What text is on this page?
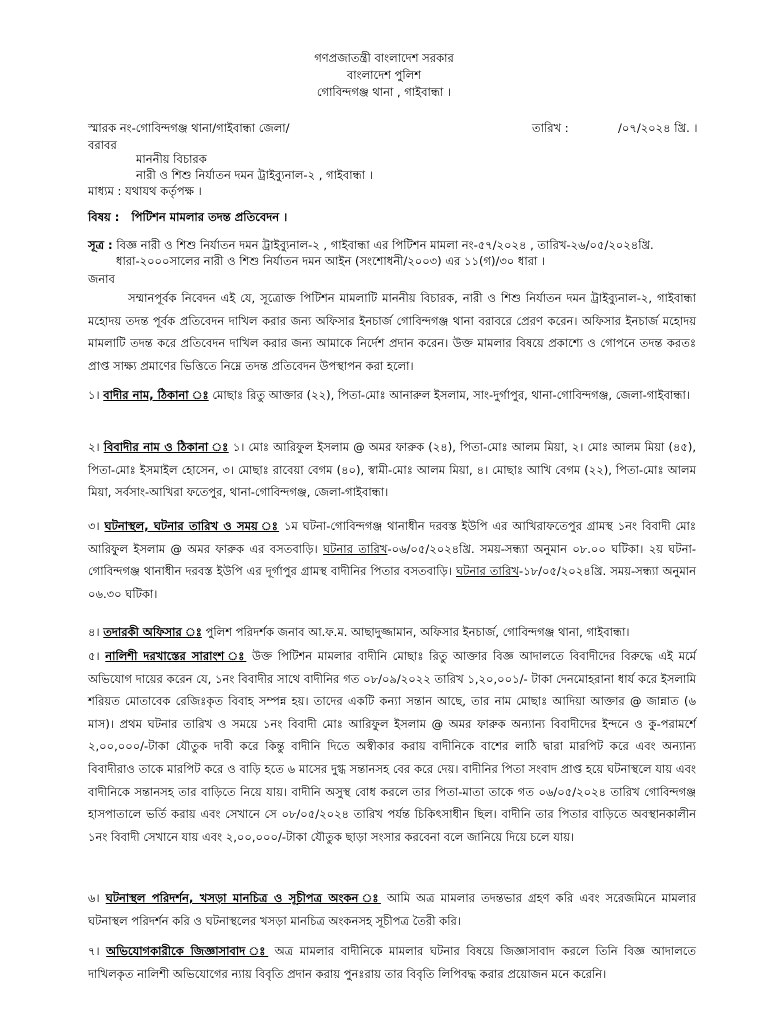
গণপ্রজাতন্ত্রী বাংলাদেশ সরকার
বাংলাদেশ পুলিশ
গোবিন্দগঞ্জ থানা , গাইবান্ধা ।
স্মারক নং-গোবিন্দগঞ্জ থানা/গাইবান্ধা জেলা/	তারিখ :	/০৭/২০২৪ খ্রি. ।
বরাবর
মাননীয় বিচারক
নারী ও শিশু নির্যাতন দমন ট্রাইব্যুনাল-২ , গাইবান্ধা ।
মাধ্যম : যথাযথ কর্তৃপক্ষ ।
বিষয় : পিটিশন মামলার তদন্ত প্রতিবেদন ।
সূত্র : বিজ্ঞ নারী ও শিশু নির্যাতন দমন ট্রাইব্যুনাল-২ , গাইবান্ধা এর পিটিশন মামলা নং-৫৭/২০২৪ , তারিখ-২৬/০৫/২০২৪খ্রি.
ধারা-২০০০সালের নারী ও শিশু নির্যাতন দমন আইন (সংশোধনী/২০০৩) এর ১১(গ)/৩০ ধারা ।
জনাব
সম্মানপূর্বক নিবেদন এই যে, সূত্রোক্ত পিটিশন মামলাটি মাননীয় বিচারক, নারী ও শিশু নির্যাতন দমন ট্রাইব্যুনাল-২, গাইবান্ধা মহোদয় তদন্ত পূর্বক প্রতিবেদন দাখিল করার জন্য অফিসার ইনচার্জ গোবিন্দগঞ্জ থানা বরাবরে প্রেরণ করেন। অফিসার ইনচার্জ মহোদয় মামলাটি তদন্ত করে প্রতিবেদন দাখিল করার জন্য আমাকে নির্দেশ প্রদান করেন। উক্ত মামলার বিষয়ে প্রকাশ্যে ও গোপনে তদন্ত করতঃ প্রাপ্ত সাক্ষ্য প্রমাণের ভিত্তিতে নিম্নে তদন্ত প্রতিবেদন উপস্থাপন করা হলো।
১। বাদীর নাম, ঠিকানা ঃ মোছাঃ রিতু আক্তার (২২), পিতা-মোঃ আনারুল ইসলাম, সাং-দুর্গাপুর, থানা-গোবিন্দগঞ্জ, জেলা-গাইবান্ধা।
২। বিবাদীর নাম ও ঠিকানা ঃ ১। মোঃ আরিফুল ইসলাম @ অমর ফারুক (২৪), পিতা-মোঃ আলম মিয়া, ২। মোঃ আলম মিয়া (৪৫), পিতা-মোঃ ইসমাইল হোসেন, ৩। মোছাঃ রাবেয়া বেগম (৪০), স্বামী-মোঃ আলম মিয়া, ৪। মোছাঃ আখি বেগম (২২), পিতা-মোঃ আলম মিয়া, সর্বসাং-আখিরা ফতেপুর, থানা-গোবিন্দগঞ্জ, জেলা-গাইবান্ধা।
৩। ঘটনাস্থল, ঘটনার তারিখ ও সময় ঃ ১ম ঘটনা-গোবিন্দগঞ্জ থানাধীন দরবস্ত ইউপি এর আখিরাফতেপুর গ্রামস্থ ১নং বিবাদী মোঃ আরিফুল ইসলাম @ অমর ফারুক এর বসতবাড়ি। ঘটনার তারিখ-০৬/০৫/২০২৪খ্রি. সময়-সন্ধ্যা অনুমান ০৮.০০ ঘটিকা। ২য় ঘটনা- গোবিন্দগঞ্জ থানাধীন দরবস্ত ইউপি এর দূর্গাপুর গ্রামস্থ বাদীনির পিতার বসতবাড়ি। ঘটনার তারিখ-১৮/০৫/২০২৪খ্রি. সময়-সন্ধ্যা অনুমান ০৬.৩০ ঘটিকা।
৪। তদারকী অফিসার ঃ পুলিশ পরিদর্শক জনাব আ.ফ.ম. আছাদুজ্জামান, অফিসার ইনচার্জ, গোবিন্দগঞ্জ থানা, গাইবান্ধা।
৫। নালিশী দরখাস্তের সারাংশ ঃ উক্ত পিটিশন মামলার বাদীনি মোছাঃ রিতু আক্তার বিজ্ঞ আদালতে বিবাদীদের বিরুদ্ধে এই মর্মে অভিযোগ দায়ের করেন যে, ১নং বিবাদীর সাথে বাদীনির গত ০৮/০৯/২০২২ তারিখ ১,২০,০০১/- টাকা দেনমোহরানা ধার্য করে ইসলামি শরিয়ত মোতাবেক রেজিঃকৃত বিবাহ সম্পন্ন হয়। তাদের একটি কন্যা সন্তান আছে, তার নাম মোছাঃ আদিয়া আক্তার @ জান্নাত (৬ মাস)। প্রথম ঘটনার তারিখ ও সময়ে ১নং বিবাদী মোঃ আরিফুল ইসলাম @ অমর ফারুক অন্যান্য বিবাদীদের ইন্দনে ও কু-পরামর্শে ২,০০,০০০/-টাকা যৌতুক দাবী করে কিন্তু বাদীনি দিতে অস্বীকার করায় বাদীনিকে বাশের লাঠি দ্বারা মারপিট করে এবং অন্যান্য বিবাদীরাও তাকে মারপিট করে ও বাড়ি হতে ৬ মাসের দুগ্ধ সন্তানসহ বের করে দেয়। বাদীনির পিতা সংবাদ প্রাপ্ত হয়ে ঘটনাস্থলে যায় এবং বাদীনিকে সন্তানসহ তার বাড়িতে নিয়ে যায়। বাদীনি অসুস্থ বোধ করলে তার পিতা-মাতা তাকে গত ০৬/০৫/২০২৪ তারিখ গোবিন্দগঞ্জ হাসপাতালে ভর্তি করায় এবং সেখানে সে ০৮/০৫/২০২৪ তারিখ পর্যন্ত চিকিৎসাধীন ছিল। বাদীনি তার পিতার বাড়িতে অবস্থানকালীন ১নং বিবাদী সেখানে যায় এবং ২,০০,০০০/-টাকা যৌতুক ছাড়া সংসার করবেনা বলে জানিয়ে দিয়ে চলে যায়।
৬। ঘটনাস্থল পরিদর্শন, খসড়া মানচিত্র ও সূচীপত্র অংকন ঃ আমি অত্র মামলার তদন্তভার গ্রহণ করি এবং সরেজমিনে মামলার ঘটনাস্থল পরিদর্শন করি ও ঘটনাস্থলের খসড়া মানচিত্র অংকনসহ সূচীপত্র তৈরী করি।
৭। অভিযোগকারীকে জিজ্ঞাসাবাদ ঃ অত্র মামলার বাদীনিকে মামলার ঘটনার বিষয়ে জিজ্ঞাসাবাদ করলে তিনি বিজ্ঞ আদালতে দাখিলকৃত নালিশী অভিযোগের ন্যায় বিবৃতি প্রদান করায় পুনঃরায় তার বিবৃতি লিপিবদ্ধ করার প্রয়োজন মনে করেনি।
